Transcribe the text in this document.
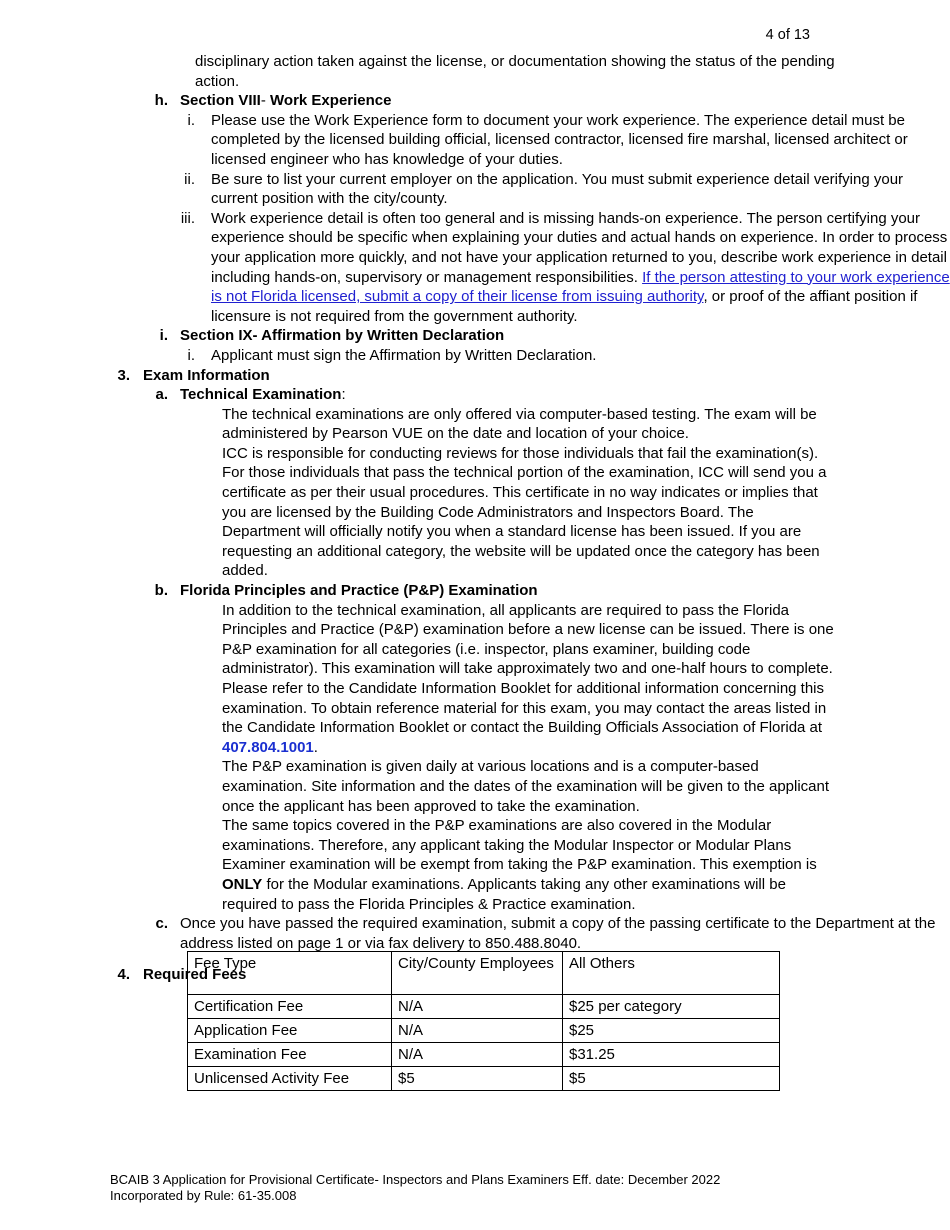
4 of 13
disciplinary action taken against the license, or documentation showing the status of the pending action.
h. Section VIII- Work Experience
i. Please use the Work Experience form to document your work experience. The experience detail must be completed by the licensed building official, licensed contractor, licensed fire marshal, licensed architect or licensed engineer who has knowledge of your duties.
ii. Be sure to list your current employer on the application. You must submit experience detail verifying your current position with the city/county.
iii. Work experience detail is often too general and is missing hands-on experience. The person certifying your experience should be specific when explaining your duties and actual hands on experience. In order to process your application more quickly, and not have your application returned to you, describe work experience in detail including hands-on, supervisory or management responsibilities. If the person attesting to your work experience is not Florida licensed, submit a copy of their license from issuing authority, or proof of the affiant position if licensure is not required from the government authority.
i. Section IX- Affirmation by Written Declaration
i. Applicant must sign the Affirmation by Written Declaration.
3. Exam Information
a. Technical Examination:
The technical examinations are only offered via computer-based testing. The exam will be administered by Pearson VUE on the date and location of your choice.
ICC is responsible for conducting reviews for those individuals that fail the examination(s). For those individuals that pass the technical portion of the examination, ICC will send you a certificate as per their usual procedures. This certificate in no way indicates or implies that you are licensed by the Building Code Administrators and Inspectors Board. The Department will officially notify you when a standard license has been issued. If you are requesting an additional category, the website will be updated once the category has been added.
b. Florida Principles and Practice (P&P) Examination
In addition to the technical examination, all applicants are required to pass the Florida Principles and Practice (P&P) examination before a new license can be issued. There is one P&P examination for all categories (i.e. inspector, plans examiner, building code administrator). This examination will take approximately two and one-half hours to complete. Please refer to the Candidate Information Booklet for additional information concerning this examination. To obtain reference material for this exam, you may contact the areas listed in the Candidate Information Booklet or contact the Building Officials Association of Florida at 407.804.1001.
The P&P examination is given daily at various locations and is a computer-based examination. Site information and the dates of the examination will be given to the applicant once the applicant has been approved to take the examination.
The same topics covered in the P&P examinations are also covered in the Modular examinations. Therefore, any applicant taking the Modular Inspector or Modular Plans Examiner examination will be exempt from taking the P&P examination. This exemption is ONLY for the Modular examinations. Applicants taking any other examinations will be required to pass the Florida Principles & Practice examination.
c. Once you have passed the required examination, submit a copy of the passing certificate to the Department at the address listed on page 1 or via fax delivery to 850.488.8040.
4. Required Fees
Fee Type	City/County Employees	All Others
Certification Fee	N/A	$25 per category
Application Fee	N/A	$25
Examination Fee	N/A	$31.25
Unlicensed Activity Fee	$5	$5
BCAIB 3 Application for Provisional Certificate- Inspectors and Plans Examiners Eff. date: December 2022
Incorporated by Rule: 61-35.008
